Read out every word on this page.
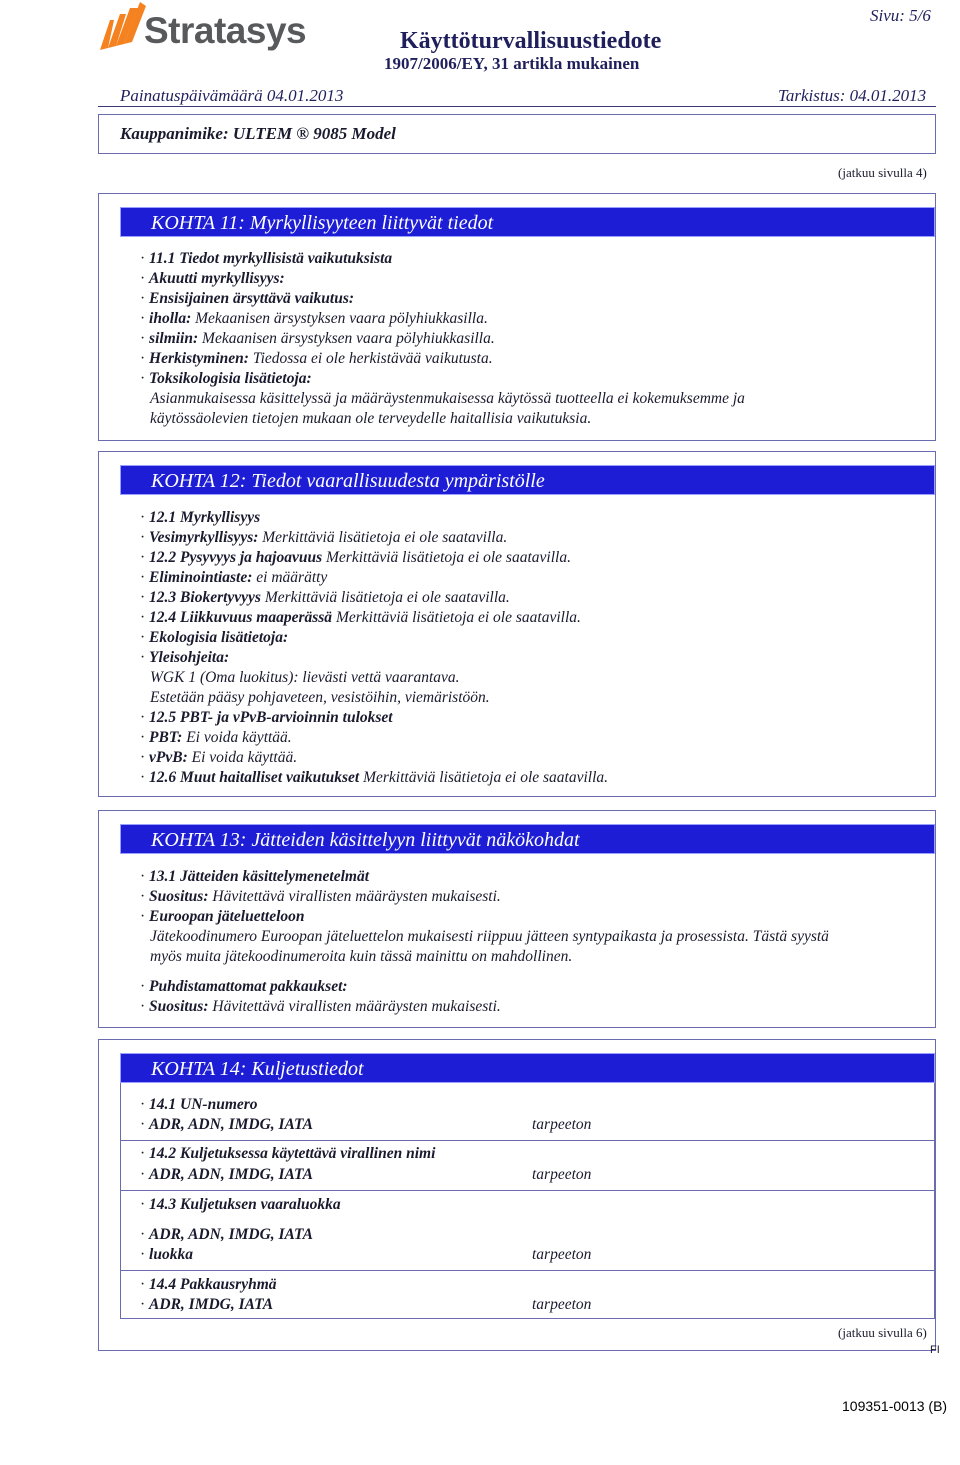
Stratasys	Käyttöturvallisuustiedote
1907/2006/EY, 31 artikla mukainen
Sivu: 5/6
Painatuspäivämäärä 04.01.2013	Tarkistus: 04.01.2013
Kauppanimike: ULTEM ® 9085 Model
(jatkuu sivulla 4)
KOHTA 11: Myrkyllisyyteen liittyvät tiedot
· 11.1 Tiedot myrkyllisistä vaikutuksista
· Akuutti myrkyllisyys:
· Ensisijainen ärsyttävä vaikutus:
· iholla: Mekaanisen ärsystyksen vaara pölyhiukkasilla.
· silmiin: Mekaanisen ärsystyksen vaara pölyhiukkasilla.
· Herkistyminen: Tiedossa ei ole herkistävää vaikutusta.
· Toksikologisia lisätietoja:
Asianmukaisessa käsittelyssä ja määräystenmukaisessa käytössä tuotteella ei kokemuksemme ja
käytössäolevien tietojen mukaan ole terveydelle haitallisia vaikutuksia.
KOHTA 12: Tiedot vaarallisuudesta ympäristölle
· 12.1 Myrkyllisyys
· Vesimyrkyllisyys: Merkittäviä lisätietoja ei ole saatavilla.
· 12.2 Pysyvyys ja hajoavuus Merkittäviä lisätietoja ei ole saatavilla.
· Eliminointiaste: ei määrätty
· 12.3 Biokertyvyys Merkittäviä lisätietoja ei ole saatavilla.
· 12.4 Liikkuvuus maaperässä Merkittäviä lisätietoja ei ole saatavilla.
· Ekologisia lisätietoja:
· Yleisohjeita:
WGK 1 (Oma luokitus): lievästi vettä vaarantava.
Estetään pääsy pohjaveteen, vesistöihin, viemäristöön.
· 12.5 PBT- ja vPvB-arvioinnin tulokset
· PBT: Ei voida käyttää.
· vPvB: Ei voida käyttää.
· 12.6 Muut haitalliset vaikutukset Merkittäviä lisätietoja ei ole saatavilla.
KOHTA 13: Jätteiden käsittelyyn liittyvät näkökohdat
· 13.1 Jätteiden käsittelymenetelmät
· Suositus: Hävitettävä virallisten määräysten mukaisesti.
· Euroopan jäteluetteloon
Jätekoodinumero Euroopan jäteluettelon mukaisesti riippuu jätteen syntypaikasta ja prosessista. Tästä syystä
myös muita jätekoodinumeroita kuin tässä mainittu on mahdollinen.
· Puhdistamattomat pakkaukset:
· Suositus: Hävitettävä virallisten määräysten mukaisesti.
KOHTA 14: Kuljetustiedot
· 14.1 UN-numero
· ADR, ADN, IMDG, IATA	tarpeeton
· 14.2 Kuljetuksessa käytettävä virallinen nimi
· ADR, ADN, IMDG, IATA	tarpeeton
· 14.3 Kuljetuksen vaaraluokka
· ADR, ADN, IMDG, IATA
· luokka	tarpeeton
· 14.4 Pakkausryhmä
· ADR, IMDG, IATA	tarpeeton
(jatkuu sivulla 6)
FI
109351-0013 (B)
